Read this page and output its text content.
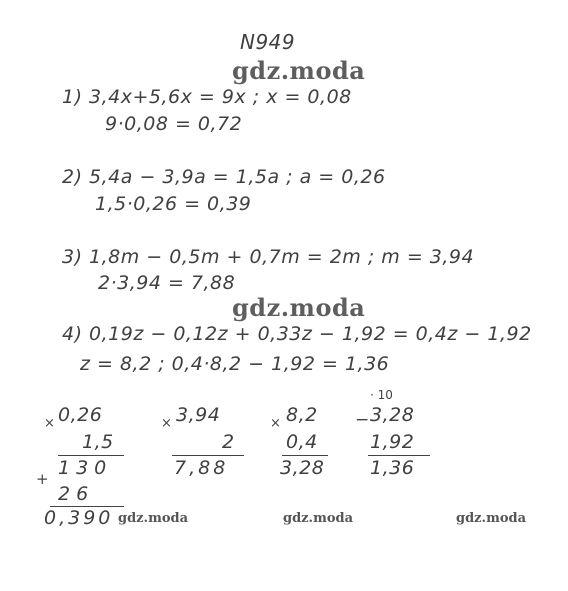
N949
gdz.moda
gdz.moda
gdz.moda	gdz.moda	gdz.moda
1) 3,4x+5,6x = 9x ; x = 0,08
9·0,08 = 0,72
2) 5,4a − 3,9a = 1,5a ; a = 0,26
1,5·0,26 = 0,39
3) 1,8m − 0,5m + 0,7m = 2m ; m = 3,94
2·3,94 = 7,88
4) 0,19z − 0,12z + 0,33z − 1,92 = 0,4z − 1,92
z = 8,2 ; 0,4·8,2 − 1,92 = 1,36
× 0,26
1,5
+ 130
26
0,390
× 3,94
2
7,88
× 8,2
0,4
3,28
−
· 10
3,28
1,92
1,36
